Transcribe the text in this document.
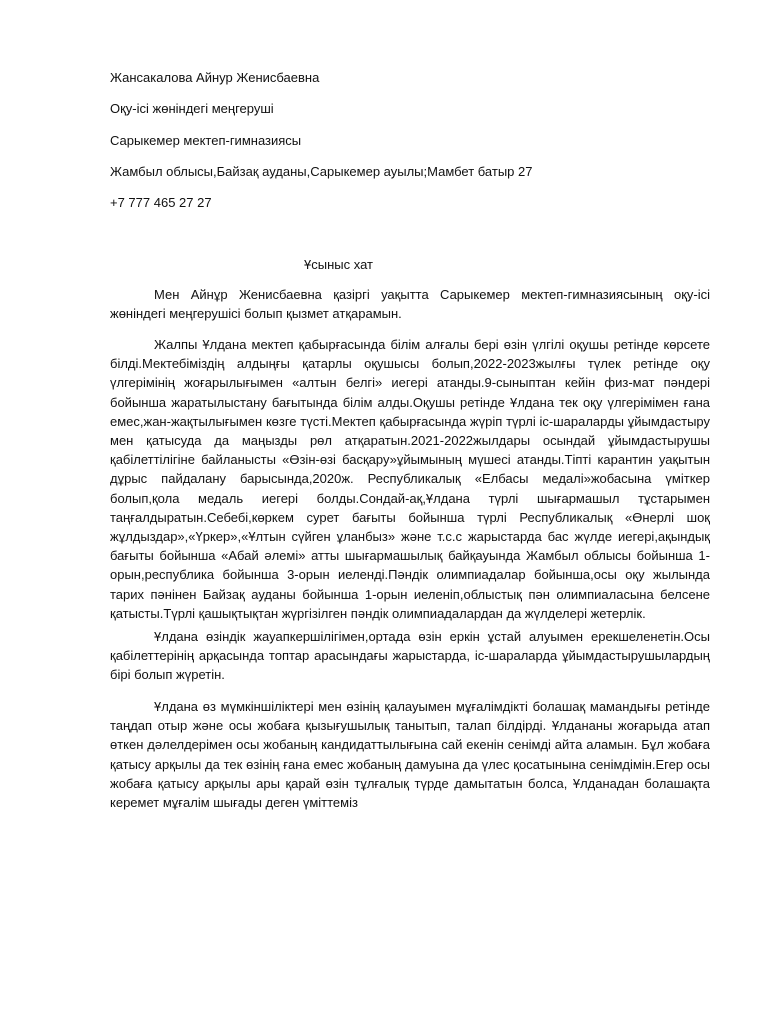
Жансакалова Айнур Женисбаевна
Оқу-ісі жөніндегі меңгеруші
Сарыкемер мектеп-гимназиясы
Жамбыл облысы,Байзақ ауданы,Сарыкемер ауылы;Мамбет батыр 27
+7 777 465 27 27
Ұсыныс хат

Мен Айнұр Женисбаевна қазіргі уақытта Сарыкемер мектеп-гимназиясының оқу-ісі жөніндегі меңгерушісі болып қызмет атқарамын.

Жалпы Ұлдана мектеп қабырғасында білім алғалы бері өзін үлгілі оқушы ретінде көрсете білді.Мектебіміздің алдыңғы қатарлы оқушысы болып,2022-2023жылғы түлек ретінде оқу үлгерімінің жоғарылығымен «алтын белгі» иегері атанды.9-сыныптан кейін физ-мат пәндері бойынша жаратылыстану бағытында білім алды.Оқушы ретінде Ұлдана тек оқу үлгерімімен ғана емес,жан-жақтылығымен көзге түсті.Мектеп қабырғасында жүріп түрлі іс-шараларды ұйымдастыру мен қатысуда да маңызды рөл атқаратын.2021-2022жылдары осындай ұйымдастырушы қабілеттілігіне байланысты «Өзін-өзі басқару»ұйымының мүшесі атанды.Тіпті карантин уақытын дұрыс пайдалану барысында,2020ж. Республикалық «Елбасы медалі»жобасына үміткер болып,қола медаль иегері болды.Сондай-ақ,Ұлдана түрлі шығармашыл тұстарымен таңғалдыратын.Себебі,көркем сурет бағыты бойынша түрлі Республикалық «Өнерлі шоқ жұлдыздар»,«Үркер»,«Ұлтын сүйген ұланбыз» және т.с.с жарыстарда бас жүлде иегері,ақындық бағыты бойынша «Абай әлемі» атты шығармашылық байқауында Жамбыл облысы бойынша 1-орын,республика бойынша 3-орын иеленді.Пәндік олимпиадалар бойынша,осы оқу жылында тарих пәнінен Байзақ ауданы бойынша 1-орын иеленіп,облыстық пән олимпиаласына белсене қатысты.Түрлі қашықтықтан жүргізілген пәндік олимпиадалардан да жүлделері жетерлік.

Ұлдана өзіндік жауапкершілігімен,ортада өзін еркін ұстай алуымен ерекшеленетін.Осы қабілеттерінің арқасында топтар арасындағы жарыстарда, іс-шараларда ұйымдастырушылардың бірі болып жүретін.

Ұлдана өз мүмкіншіліктері мен өзінің қалауымен мұғалімдікті болашақ мамандығы ретінде таңдап отыр және осы жобаға қызығушылық танытып, талап білдірді. Ұлдананы жоғарыда атап өткен дәлелдерімен осы жобаның кандидаттылығына сай екенін сенімді айта аламын. Бұл жобаға қатысу арқылы да тек өзінің ғана емес жобаның дамуына да үлес қосатынына сенімдімін.Егер осы жобаға қатысу арқылы ары қарай өзін тұлғалық түрде дамытатын болса, Ұлданадан болашақта керемет мұғалім шығады деген үміттеміз
